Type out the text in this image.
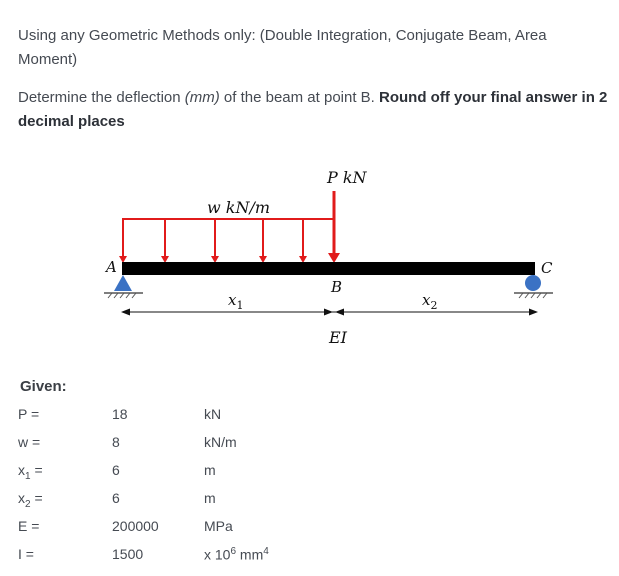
Using any Geometric Methods only: (Double Integration, Conjugate Beam, Area Moment)
Determine the deflection (mm) of the beam at point B. Round off your final answer in 2 decimal places
P kN
w kN/m
A	C
B
$x_1$	$x_2$
EI
Given:
P =	18	kN
w =	8	kN/m
$x_1$ =	6	m
$x_2$ =	6	m
E =	200000	MPa
I =	1500	x $10^6$ $mm^4$
